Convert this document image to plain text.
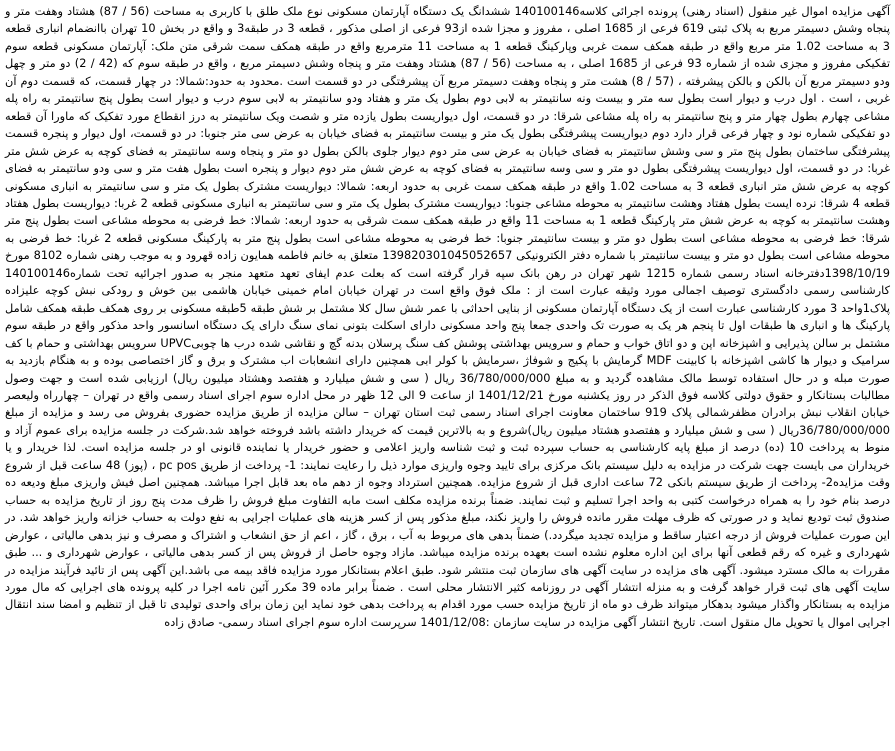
آگهی مزایده اموال غیر منقول (اسناد رهنی) پرونده اجرائی کلاسه140100146 ششدانگ یک دستگاه آپارتمان مسکونی نوع ملک طلق با کاربری به مساحت (56 / 87) هشتاد وهفت متر و پنجاه وشش دسیمتر مربع به پلاک ثبتی 619 فرعی از 1685 اصلی ، مفروز و مجزا شده از93 فرعی از اصلی مذکور ، قطعه 3 در طبقه3 و واقع در بخش 10 تهران باانضمام انباری قطعه 3 به مساحت 1.02 متر مربع واقع در طبقه همکف سمت غربی وپارکینگ قطعه 1 به مساحت 11 مترمربع واقع در طبقه همکف سمت شرقی متن ملک: آپارتمان مسکونی قطعه سوم تفکیکی مفروز و مجزی شده از شماره 93 فرعی از 1685 اصلی ، به مساحت (56 / 87) هشتاد وهفت متر و پنجاه وشش دسیمتر مربع ، واقع در طبقه سوم که (42 / 2) دو متر و چهل ودو دسیمتر مربع آن بالکن و بالکن پیشرفته ، (57 / 8) هشت متر و پنجاه وهفت دسیمتر مربع آن پیشرفتگی در دو قسمت است .محدود به حدود:شمالا: در چهار قسمت، که قسمت دوم آن غربی ، است . اول درب و دیوار است بطول سه متر و بیست ونه سانتیمتر به لابی دوم بطول یک متر و هفتاد ودو سانتیمتر به لابی سوم درب و دیوار است بطول پنج سانتیمتر به راه پله مشاعی چهارم بطول چهار متر و پنج سانتیمتر به راه پله مشاعی شرقا: در دو قسمت، اول دیواریست بطول یازده متر و شصت ویک سانتیمتر به درز انقطاع مورد تفکیک که ماورا آن قطعه دو تفکیکی شماره نود و چهار فرعی قرار دارد دوم دیواریست پیشرفتگی بطول یک متر و بیست سانتیمتر به فضای خیابان به عرض سی متر جنوبا: در دو قسمت، اول دیوار و پنجره قسمت پیشرفتگی ساختمان بطول پنج متر و سی وشش سانتیمتر به فضای خیابان به عرض سی متر دوم دیوار جلوی بالکن بطول دو متر و پنجاه وسه سانتیمتر به فضای کوچه به عرض شش متر غربا: در دو قسمت، اول دیواریست پیشرفتگی بطول دو متر و سی وسه سانتیمتر به فضای کوچه به عرض شش متر دوم دیوار و پنجره است بطول هفت متر و سی ودو سانتیمتر به فضای کوچه به عرض شش متر انباری قطعه 3 به مساحت 1.02 واقع در طبقه همکف سمت غربی به حدود اربعه: شمالا: دیواریست مشترک بطول یک متر و سی سانتیمتر به انباری مسکونی قطعه 4 شرقا: نرده ایست بطول هفتاد وهشت سانتیمتر به محوطه مشاعی جنوبا: دیواریست مشترک بطول یک متر و سی سانتیمتر به انباری مسکونی قطعه 2 غربا: دیواریست بطول هفتاد وهشت سانتیمتر به کوچه به عرض شش متر پارکینگ قطعه 1 به مساحت 11 واقع در طبقه همکف سمت شرقی به حدود اربعه: شمالا: خط فرضی به محوطه مشاعی است بطول پنج متر شرقا: خط فرضی به محوطه مشاعی است بطول دو متر و بیست سانتیمتر جنوبا: خط فرضی به محوطه مشاعی است بطول پنج متر به پارکینگ مسکونی قطعه 2 غربا: خط فرضی به محوطه مشاعی است بطول دو متر و بیست سانتیمتر با شماره دفتر الکترونیکی 139820301045052657 متعلق به خانم فاطمه همایون زاده قهرود و به موجب رهنی شماره 8102 مورخ 1398/10/19دفترخانه اسناد رسمی شماره 1215 شهر تهران در رهن بانک سپه قرار گرفته است که بعلت عدم ایفای تعهد متعهد منجر به صدور اجرائیه تحت شماره140100146 کارشناسی رسمی دادگستری توصیف اجمالی مورد وثیقه عبارت است از : ملک فوق واقع است در تهران خیابان امام خمینی خیابان هاشمی بین خوش و رودکی نبش کوچه علیزاده پلاک1واحد 3 مورد کارشناسی عبارت است از یک دستگاه آپارتمان مسکونی از بنایی احداثی با عمر شش سال کلا مشتمل بر شش طبقه 5طبقه مسکونی بر روی همکف طبقه همکف شامل پارکینگ ها و انباری ها طبقات اول تا پنجم هر یک به صورت تک واحدی جمعا پنج واحد مسکونی دارای اسکلت بتونی نمای سنگ دارای یک دستگاه اسانسور واحد مذکور واقع در طبقه سوم مشتمل بر سالن پذیرایی و اشپزخانه اپن و دو اتاق خواب و حمام و سرویس بهداشتی پوشش کف سنگ پرسلان بدنه گچ و نقاشی شده درب ها چوبیUPVC سرویس بهداشتی و حمام با کف سرامیک و دیوار ها کاشی اشپزخانه با کابینت MDF گرمایش با پکیج و شوفاژ ،سرمایش با کولر ابی همچنین دارای انشعابات اب مشترک و برق و گاز اختصاصی بوده و به هنگام بازدید به صورت مبله و در حال استفاده توسط مالک مشاهده گردید و به مبلغ 36/780/000/000 ریال ( سی و شش میلیارد و هفتصد وهشتاد میلیون ریال) ارزیابی شده است و جهت وصول مطالبات بستانکار و حقوق دولتی کلاسه فوق الذکر در روز یکشنبه مورخ 1401/12/21 از ساعت 9 الی 12 ظهر در محل اداره سوم اجرای اسناد رسمی واقع در تهران – چهارراه ولیعصر خیابان انقلاب نبش برادران مظفرشمالی پلاک 919 ساختمان معاونت اجرای اسناد رسمی ثبت استان تهران – سالن مزایده از طریق مزایده حضوری بفروش می رسد و مزایده از مبلغ 36/780/000/000ریال ( سی و شش میلیارد و هفتصدو هشتاد میلیون ریال)شروع و به بالاترین قیمت که خریدار داشته باشد فروخته خواهد شد.شرکت در جلسه مزایده برای عموم آزاد و منوط به پرداخت 10 (ده) درصد از مبلغ پایه کارشناسی به حساب سپرده ثبت و ثبت شناسه واریز اعلامی و حضور خریدار یا نماینده قانونی او در جلسه مزایده است. لذا خریدار و یا خریداران می بایست جهت شرکت در مزایده به دلیل سیستم بانک مرکزی برای تایید وجوه واریزی موارد ذیل را رعایت نمایند: 1- پرداخت از طریق pc pos ، (پوز) 48 ساعت قبل از شروع وقت مزایده2- پرداخت از طریق سیستم بانکی 72 ساعت اداری قبل از شروع مزایده. همچنین استرداد وجوه از دهم ماه بعد قابل اجرا میباشد. همچنین اصل فیش واریزی مبلغ ودیعه ده درصد بنام خود را به همراه درخواست کتبی به واحد اجرا تسلیم و ثبت نمایند. ضمناً برنده مزایده مکلف است مابه التفاوت مبلغ فروش را ظرف مدت پنج روز از تاریخ مزایده به حساب صندوق ثبت تودیع نماید و در صورتی که ظرف مهلت مقرر مانده فروش را واریز نکند، مبلغ مذکور پس از کسر هزینه های عملیات اجرایی به نفع دولت به حساب خزانه واریز خواهد شد. در این صورت عملیات فروش از درجه اعتبار ساقط و مزایده تجدید میگردد.) ضمناً بدهی های مربوط به آب ، برق ، گاز ، اعم از حق انشعاب و اشتراک و مصرف و نیز بدهی مالیاتی ، عوارض شهرداری و غیره که رقم قطعی آنها برای این اداره معلوم نشده است بعهده برنده مزایده میباشد. مازاد وجوه حاصل از فروش پس از کسر بدهی مالیاتی ، عوارض شهرداری و ... طبق مقررات به مالک مسترد میشود. آگهی های مزایده در سایت آگهی های سازمان ثبت منتشر شود. طبق اعلام بستانکار مورد مزایده فاقد بیمه می باشد.این آگهی پس از تائید فرآیند مزایده در سایت آگهی های ثبت قرار خواهد گرفت و به منزله انتشار آگهی در روزنامه کثیر الانتشار محلی است . ضمناً برابر ماده 39 مکرر آئین نامه اجرا در کلیه پرونده های اجرایی که مال مورد مزایده به بستانکار واگذار میشود بدهکار میتواند ظرف دو ماه از تاریخ مزایده حسب مورد اقدام به پرداخت بدهی خود نماید این زمان برای واحدی تولیدی تا قبل از تنظیم و امضا سند انتقال اجرایی اموال یا تحویل مال منقول است. تاریخ انتشار آگهی مزایده در سایت سازمان :1401/12/08 سرپرست اداره سوم اجرای اسناد رسمی- صادق زاده
